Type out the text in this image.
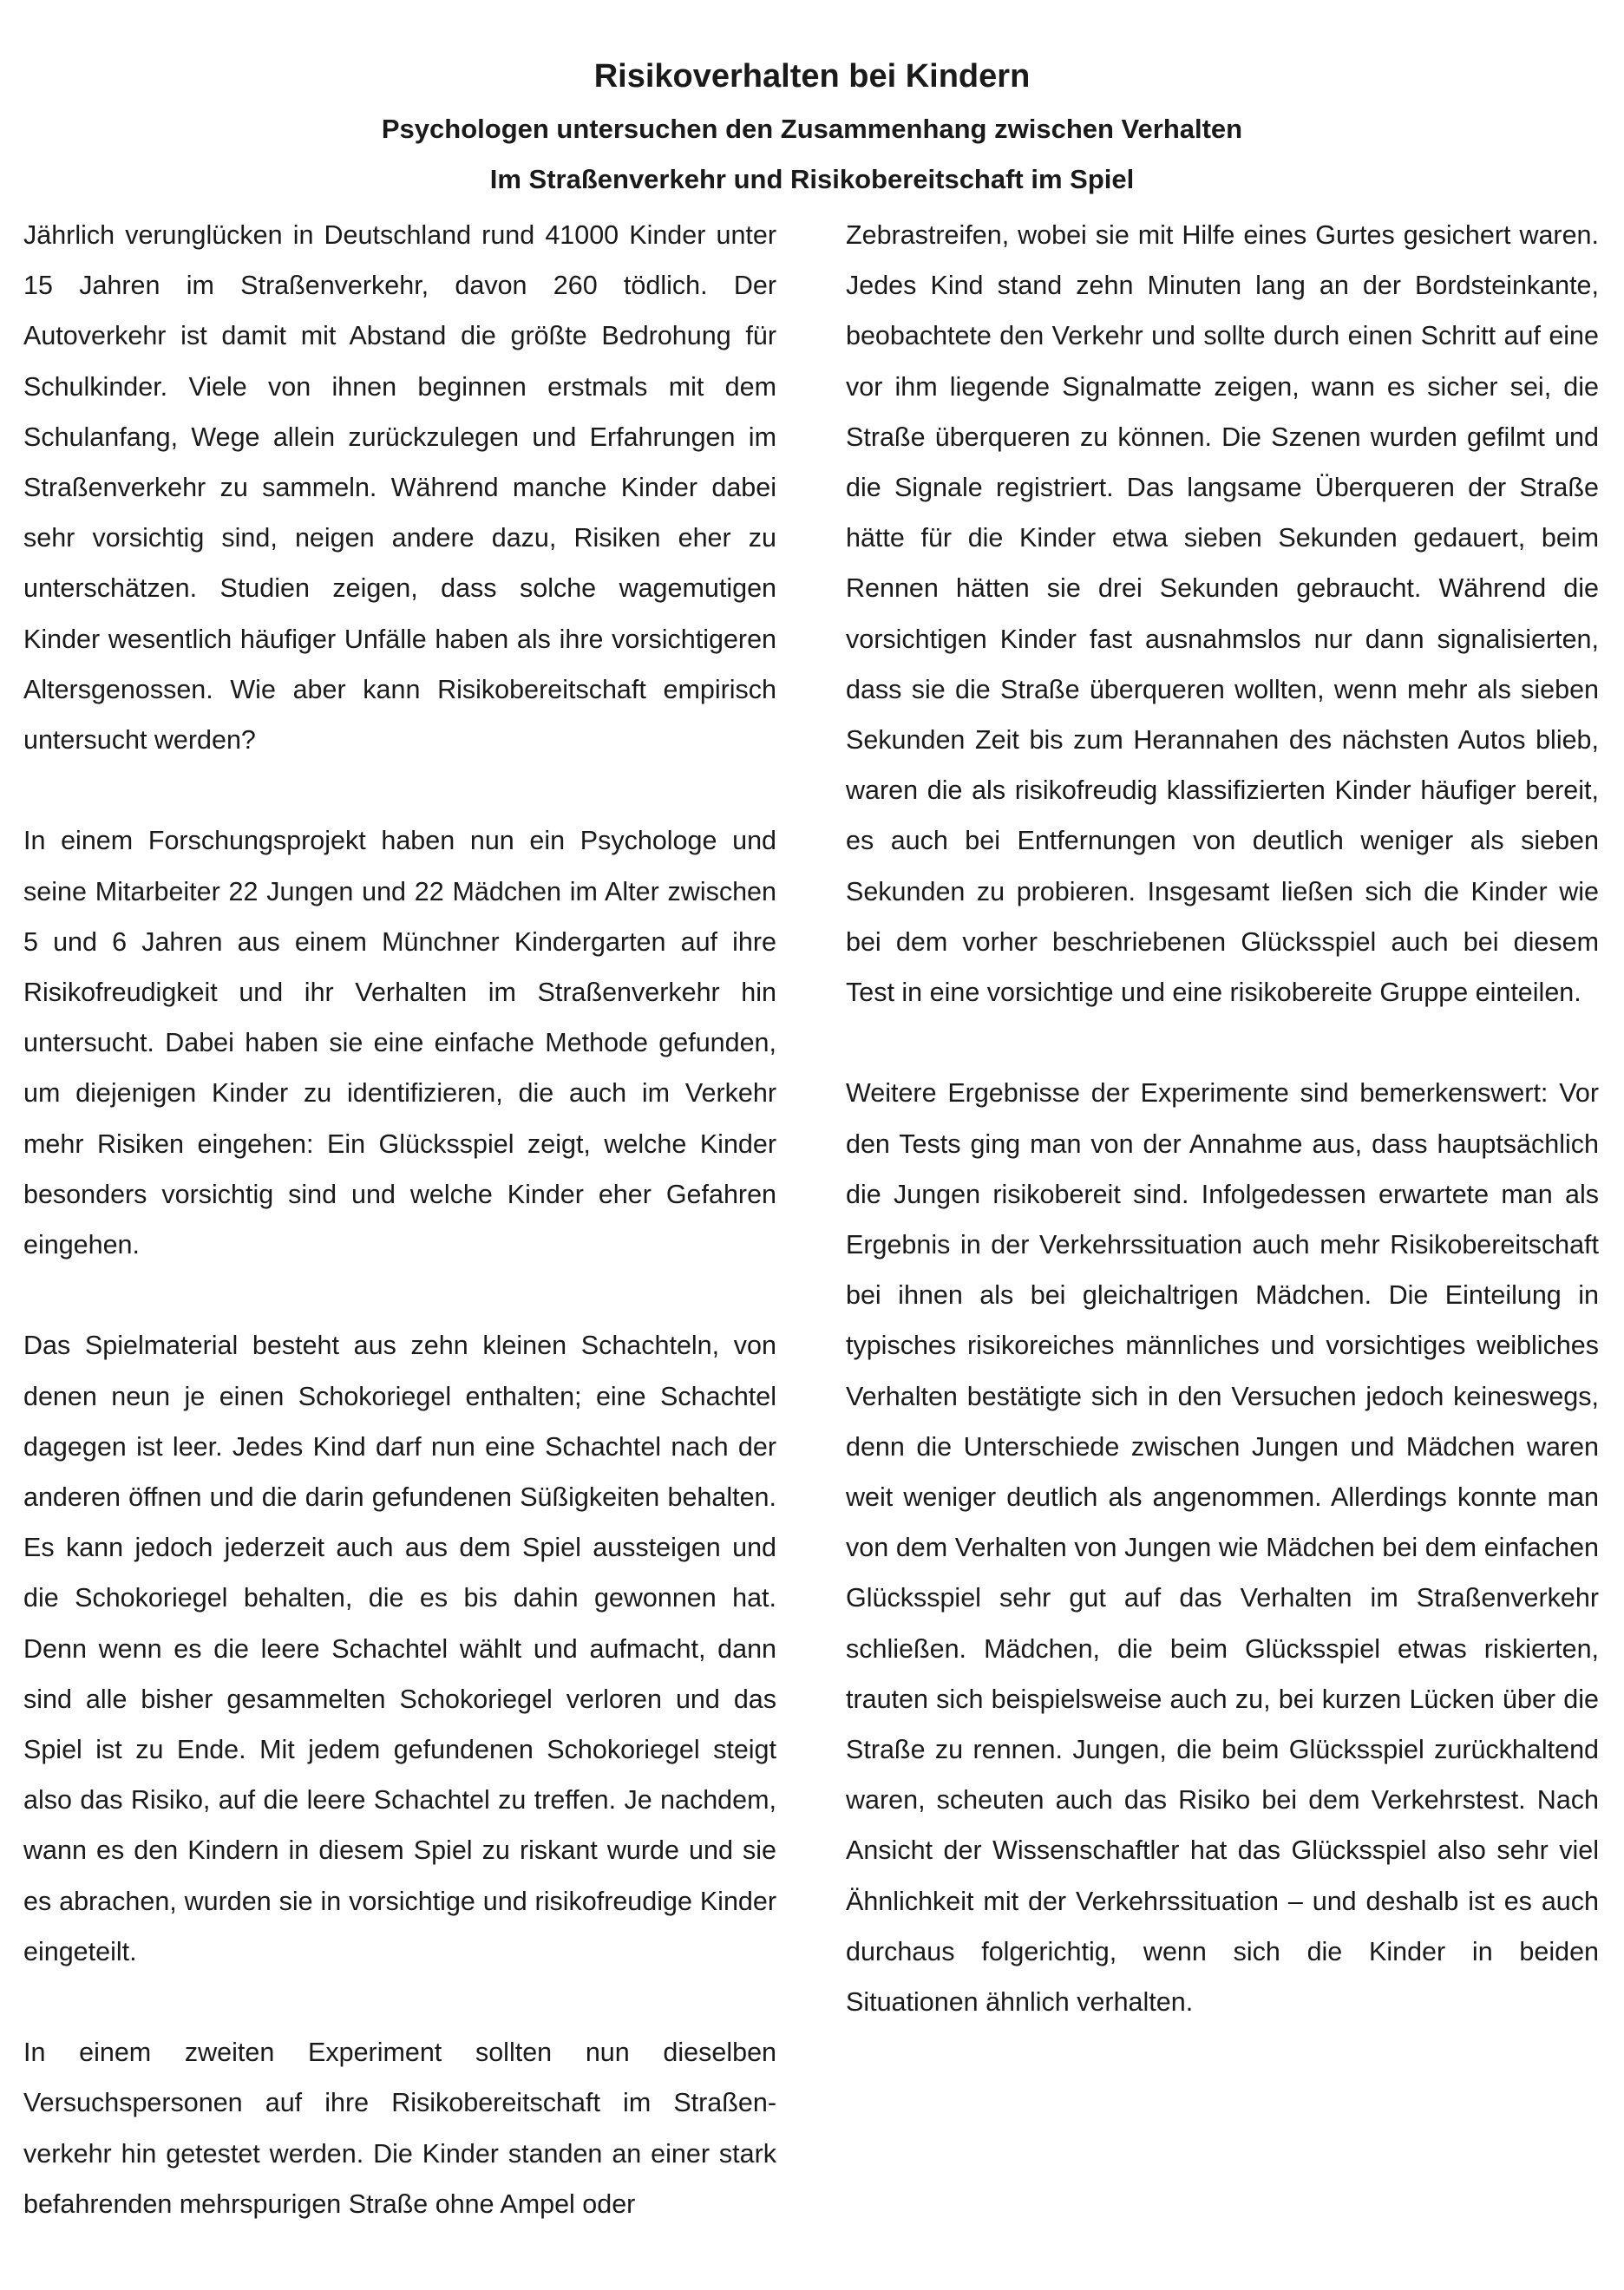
Risikoverhalten bei Kindern

Psychologen untersuchen den Zusammenhang zwischen Verhalten

Im Straßenverkehr und Risikobereitschaft im Spiel

Jährlich verunglücken in Deutschland rund 41000 Kinder unter 15 Jahren im Straßenverkehr, davon 260 tödlich. Der Autoverkehr ist damit mit Abstand die größte Bedrohung für Schulkinder. Viele von ihnen beginnen erstmals mit dem Schulanfang, Wege allein zurückzulegen und Erfahrungen im Straßenverkehr zu sammeln. Während manche Kinder dabei sehr vorsichtig sind, neigen andere dazu, Risiken eher zu unterschätzen. Studien zeigen, dass solche wagemutigen Kinder wesentlich häufiger Unfälle haben als ihre vorsichtigeren Altersgenossen. Wie aber kann Risikobereitschaft empirisch untersucht werden?

In einem Forschungsprojekt haben nun ein Psychologe und seine Mitarbeiter 22 Jungen und 22 Mädchen im Alter zwischen 5 und 6 Jahren aus einem Münchner Kindergarten auf ihre Risikofreudigkeit und ihr Verhalten im Straßenverkehr hin untersucht. Dabei haben sie eine einfache Methode gefunden, um diejenigen Kinder zu identifizieren, die auch im Verkehr mehr Risiken eingehen: Ein Glücksspiel zeigt, welche Kinder besonders vorsichtig sind und welche Kinder eher Gefahren eingehen.

Das Spielmaterial besteht aus zehn kleinen Schachteln, von denen neun je einen Schokoriegel enthalten; eine Schachtel dagegen ist leer. Jedes Kind darf nun eine Schachtel nach der anderen öffnen und die darin gefundenen Süßigkeiten behalten. Es kann jedoch jederzeit auch aus dem Spiel aussteigen und die Schokoriegel behalten, die es bis dahin gewonnen hat. Denn wenn es die leere Schachtel wählt und aufmacht, dann sind alle bisher gesammelten Schokoriegel verloren und das Spiel ist zu Ende. Mit jedem gefundenen Schokoriegel steigt also das Risiko, auf die leere Schachtel zu treffen. Je nachdem, wann es den Kindern in diesem Spiel zu riskant wurde und sie es abrachen, wurden sie in vorsichtige und risikofreudige Kinder eingeteilt.

In einem zweiten Experiment sollten nun dieselben Versuchspersonen auf ihre Risikobereitschaft im Straßenverkehr hin getestet werden. Die Kinder standen an einer stark befahrenden mehrspurigen Straße ohne Ampel oder

Zebrastreifen, wobei sie mit Hilfe eines Gurtes gesichert waren. Jedes Kind stand zehn Minuten lang an der Bordsteinkante, beobachtete den Verkehr und sollte durch einen Schritt auf eine vor ihm liegende Signalmatte zeigen, wann es sicher sei, die Straße überqueren zu können. Die Szenen wurden gefilmt und die Signale registriert. Das langsame Überqueren der Straße hätte für die Kinder etwa sieben Sekunden gedauert, beim Rennen hätten sie drei Sekunden gebraucht. Während die vorsichtigen Kinder fast ausnahmslos nur dann signalisierten, dass sie die Straße überqueren wollten, wenn mehr als sieben Sekunden Zeit bis zum Herannahen des nächsten Autos blieb, waren die als risikofreudig klassifizierten Kinder häufiger bereit, es auch bei Entfernungen von deutlich weniger als sieben Sekunden zu probieren. Insgesamt ließen sich die Kinder wie bei dem vorher beschriebenen Glücksspiel auch bei diesem Test in eine vorsichtige und eine risikobereite Gruppe einteilen.

Weitere Ergebnisse der Experimente sind bemerkenswert: Vor den Tests ging man von der Annahme aus, dass hauptsächlich die Jungen risikobereit sind. Infolgedessen erwartete man als Ergebnis in der Verkehrssituation auch mehr Risikobereitschaft bei ihnen als bei gleichaltrigen Mädchen. Die Einteilung in typisches risikoreiches männliches und vorsichtiges weibliches Verhalten bestätigte sich in den Versuchen jedoch keineswegs, denn die Unterschiede zwischen Jungen und Mädchen waren weit weniger deutlich als angenommen. Allerdings konnte man von dem Verhalten von Jungen wie Mädchen bei dem einfachen Glücksspiel sehr gut auf das Verhalten im Straßenverkehr schließen. Mädchen, die beim Glücksspiel etwas riskierten, trauten sich beispielsweise auch zu, bei kurzen Lücken über die Straße zu rennen. Jungen, die beim Glücksspiel zurückhaltend waren, scheuten auch das Risiko bei dem Verkehrstest. Nach Ansicht der Wissenschaftler hat das Glücksspiel also sehr viel Ähnlichkeit mit der Verkehrssituation – und deshalb ist es auch durchaus folgerichtig, wenn sich die Kinder in beiden Situationen ähnlich verhalten.
